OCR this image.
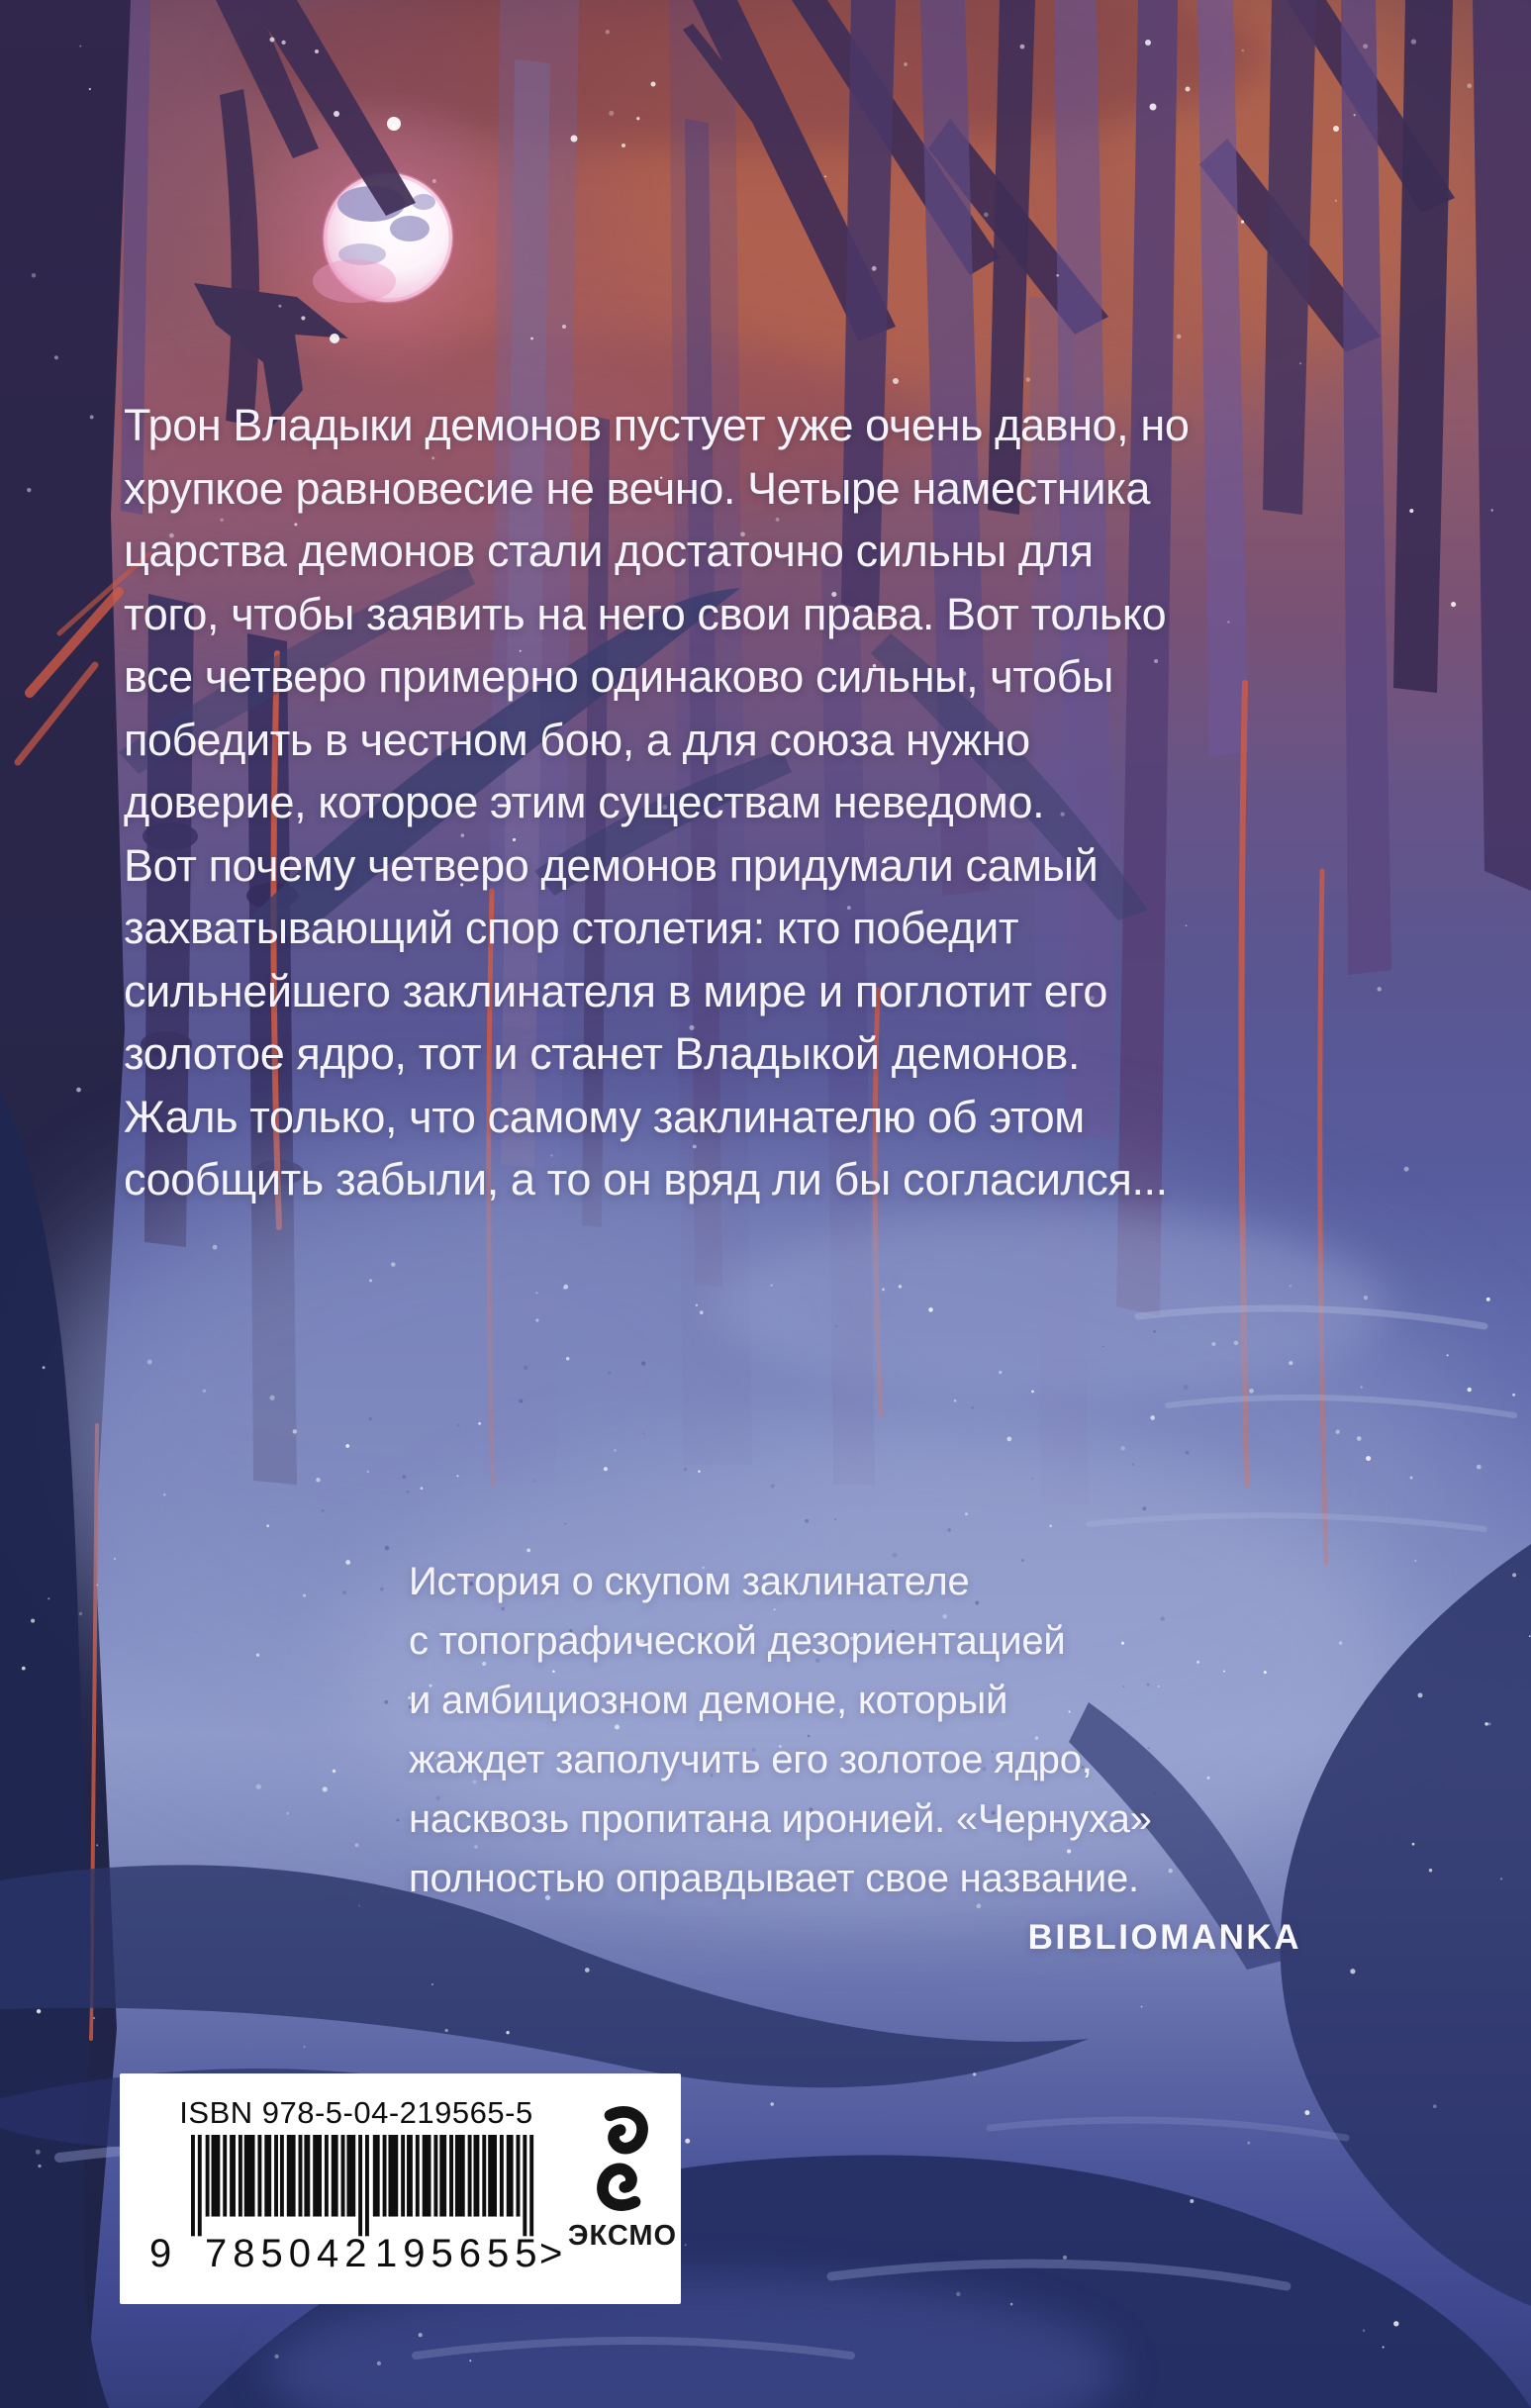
Трон Владыки демонов пустует уже очень давно, но
хрупкое равновесие не вечно. Четыре наместника
царства демонов стали достаточно сильны для
того, чтобы заявить на него свои права. Вот только
все четверо примерно одинаково сильны, чтобы
победить в честном бою, а для союза нужно
доверие, которое этим существам неведомо.
Вот почему четверо демонов придумали самый
захватывающий спор столетия: кто победит
сильнейшего заклинателя в мире и поглотит его
золотое ядро, тот и станет Владыкой демонов.
Жаль только, что самому заклинателю об этом
сообщить забыли, а то он вряд ли бы согласился...
История о скупом заклинателе
с топографической дезориентацией
и амбициозном демоне, который
жаждет заполучить его золотое ядро,
насквозь пропитана иронией. «Чернуха»
полностью оправдывает свое название.
BIBLIOMANKA
ISBN 978-5-04-219565-5
9 785042 195655
> ЭКСМО
